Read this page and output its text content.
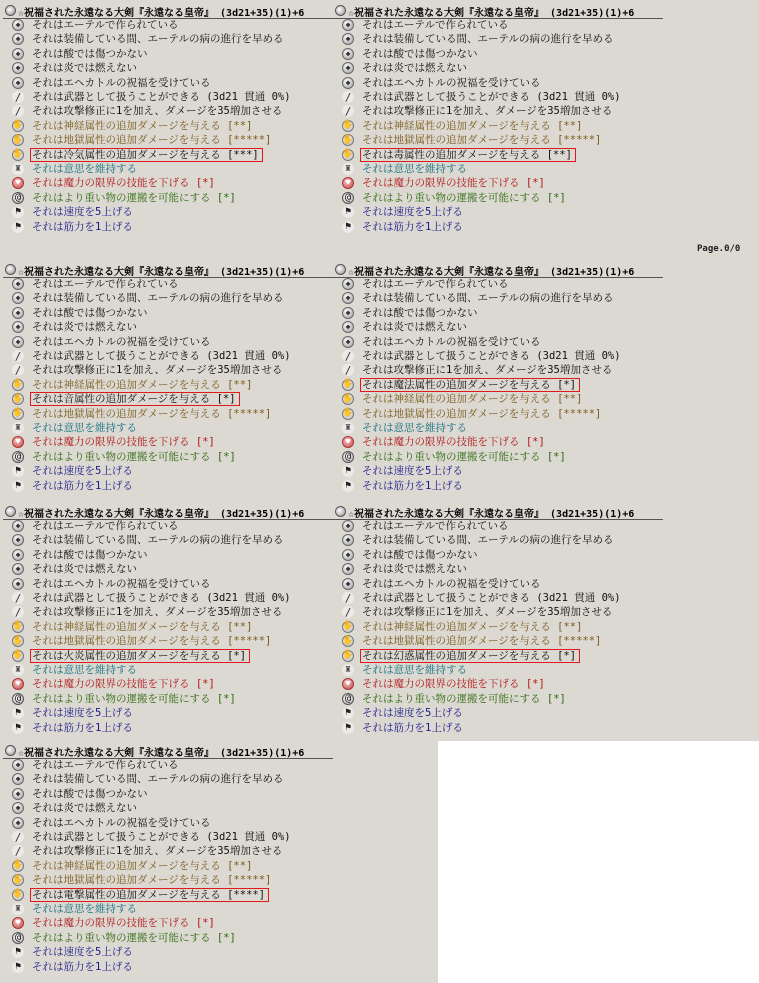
Page.0/0
☆祝福された永遠なる大剣『永遠なる皇帝』 (3d21+35)(1)+6
◆	それはエーテルで作られている
◆	それは装備している間、エーテルの病の進行を早める
◆	それは酸では傷つかない
◆	それは炎では燃えない
◆	それはエヘカトルの祝福を受けている
/ それは武器として扱うことができる (3d21 貫通 0%)
/ それは攻撃修正に1を加え、ダメージを35増加させる
✋ それは神経属性の追加ダメージを与える [**]
✋ それは地獄属性の追加ダメージを与える [*****]
✋ それは冷気属性の追加ダメージを与える [***]
♜ それは意思を維持する
♥	それは魔力の限界の技能を下げる [*]
@ それはより重い物の運搬を可能にする [*]
⚑ それは速度を5上げる
⚑ それは筋力を1上げる
☆祝福された永遠なる大剣『永遠なる皇帝』 (3d21+35)(1)+6
◆	それはエーテルで作られている
◆	それは装備している間、エーテルの病の進行を早める
◆	それは酸では傷つかない
◆	それは炎では燃えない
◆	それはエヘカトルの祝福を受けている
/ それは武器として扱うことができる (3d21 貫通 0%)
/ それは攻撃修正に1を加え、ダメージを35増加させる
✋ それは神経属性の追加ダメージを与える [**]
✋ それは地獄属性の追加ダメージを与える [*****]
✋ それは毒属性の追加ダメージを与える [**]
♜ それは意思を維持する
♥	それは魔力の限界の技能を下げる [*]
@ それはより重い物の運搬を可能にする [*]
⚑ それは速度を5上げる
⚑ それは筋力を1上げる
☆祝福された永遠なる大剣『永遠なる皇帝』 (3d21+35)(1)+6
◆	それはエーテルで作られている
◆	それは装備している間、エーテルの病の進行を早める
◆	それは酸では傷つかない
◆	それは炎では燃えない
◆	それはエヘカトルの祝福を受けている
/ それは武器として扱うことができる (3d21 貫通 0%)
/ それは攻撃修正に1を加え、ダメージを35増加させる
✋ それは神経属性の追加ダメージを与える [**]
✋ それは音属性の追加ダメージを与える [*]
✋ それは地獄属性の追加ダメージを与える [*****]
♜ それは意思を維持する
♥	それは魔力の限界の技能を下げる [*]
@ それはより重い物の運搬を可能にする [*]
⚑ それは速度を5上げる
⚑ それは筋力を1上げる
☆祝福された永遠なる大剣『永遠なる皇帝』 (3d21+35)(1)+6
◆	それはエーテルで作られている
◆	それは装備している間、エーテルの病の進行を早める
◆	それは酸では傷つかない
◆	それは炎では燃えない
◆	それはエヘカトルの祝福を受けている
/ それは武器として扱うことができる (3d21 貫通 0%)
/ それは攻撃修正に1を加え、ダメージを35増加させる
✋ それは魔法属性の追加ダメージを与える [*]
✋ それは神経属性の追加ダメージを与える [**]
✋ それは地獄属性の追加ダメージを与える [*****]
♜ それは意思を維持する
♥	それは魔力の限界の技能を下げる [*]
@ それはより重い物の運搬を可能にする [*]
⚑ それは速度を5上げる
⚑ それは筋力を1上げる
☆祝福された永遠なる大剣『永遠なる皇帝』 (3d21+35)(1)+6
◆	それはエーテルで作られている
◆	それは装備している間、エーテルの病の進行を早める
◆	それは酸では傷つかない
◆	それは炎では燃えない
◆	それはエヘカトルの祝福を受けている
/ それは武器として扱うことができる (3d21 貫通 0%)
/ それは攻撃修正に1を加え、ダメージを35増加させる
✋ それは神経属性の追加ダメージを与える [**]
✋ それは地獄属性の追加ダメージを与える [*****]
✋ それは火炎属性の追加ダメージを与える [*]
♜ それは意思を維持する
♥	それは魔力の限界の技能を下げる [*]
@ それはより重い物の運搬を可能にする [*]
⚑ それは速度を5上げる
⚑ それは筋力を1上げる
☆祝福された永遠なる大剣『永遠なる皇帝』 (3d21+35)(1)+6
◆	それはエーテルで作られている
◆	それは装備している間、エーテルの病の進行を早める
◆	それは酸では傷つかない
◆	それは炎では燃えない
◆	それはエヘカトルの祝福を受けている
/ それは武器として扱うことができる (3d21 貫通 0%)
/ それは攻撃修正に1を加え、ダメージを35増加させる
✋ それは神経属性の追加ダメージを与える [**]
✋ それは地獄属性の追加ダメージを与える [*****]
✋ それは幻惑属性の追加ダメージを与える [*]
♜ それは意思を維持する
♥	それは魔力の限界の技能を下げる [*]
@ それはより重い物の運搬を可能にする [*]
⚑ それは速度を5上げる
⚑ それは筋力を1上げる
☆祝福された永遠なる大剣『永遠なる皇帝』 (3d21+35)(1)+6
◆	それはエーテルで作られている
◆	それは装備している間、エーテルの病の進行を早める
◆	それは酸では傷つかない
◆	それは炎では燃えない
◆	それはエヘカトルの祝福を受けている
/ それは武器として扱うことができる (3d21 貫通 0%)
/ それは攻撃修正に1を加え、ダメージを35増加させる
✋ それは神経属性の追加ダメージを与える [**]
✋ それは地獄属性の追加ダメージを与える [*****]
✋ それは電撃属性の追加ダメージを与える [****]
♜ それは意思を維持する
♥	それは魔力の限界の技能を下げる [*]
@ それはより重い物の運搬を可能にする [*]
⚑ それは速度を5上げる
⚑ それは筋力を1上げる
